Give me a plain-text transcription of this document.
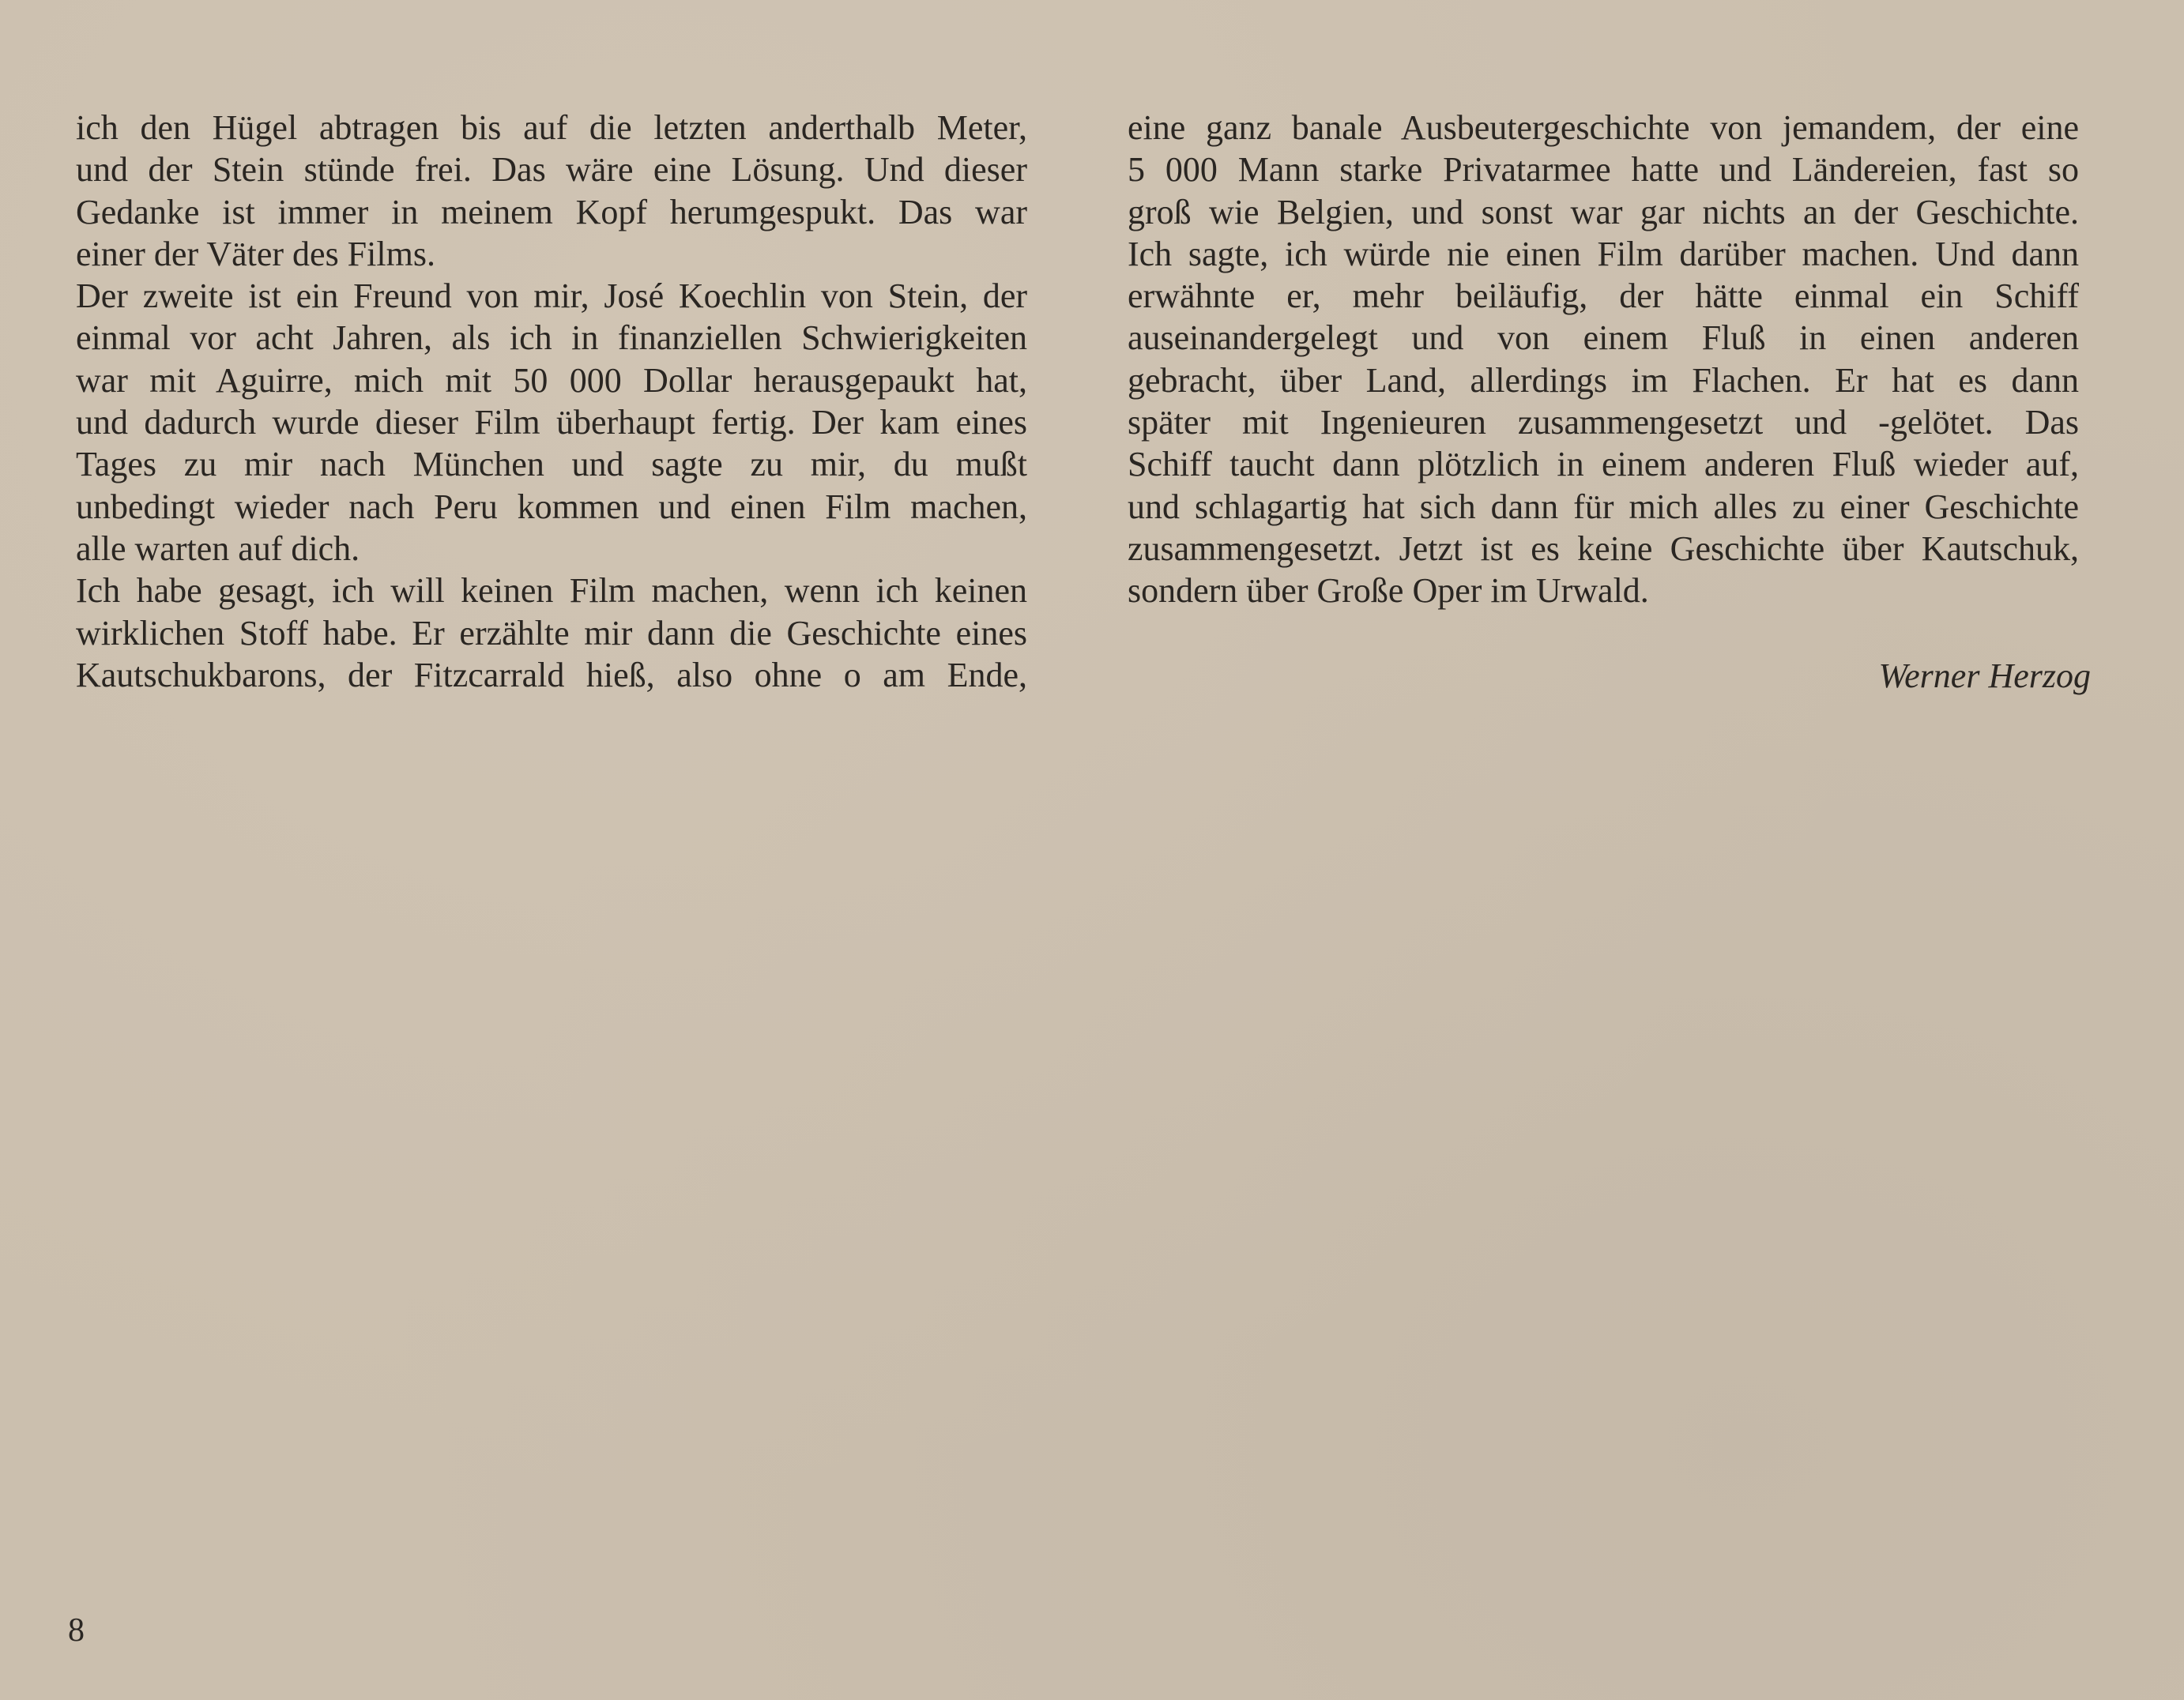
ich den Hügel abtragen bis auf die letzten anderthalb Meter,
und der Stein stünde frei. Das wäre eine Lösung. Und dieser
Gedanke ist immer in meinem Kopf herumgespukt. Das war
einer der Väter des Films.
Der zweite ist ein Freund von mir, José Koechlin von Stein, der
einmal vor acht Jahren, als ich in finanziellen Schwierigkeiten
war mit Aguirre, mich mit 50 000 Dollar herausgepaukt hat,
und dadurch wurde dieser Film überhaupt fertig. Der kam eines
Tages zu mir nach München und sagte zu mir, du mußt
unbedingt wieder nach Peru kommen und einen Film machen,
alle warten auf dich.
Ich habe gesagt, ich will keinen Film machen, wenn ich keinen
wirklichen Stoff habe. Er erzählte mir dann die Geschichte eines
Kautschukbarons, der Fitzcarrald hieß, also ohne o am Ende,
eine ganz banale Ausbeutergeschichte von jemandem, der eine
5 000 Mann starke Privatarmee hatte und Ländereien, fast so
groß wie Belgien, und sonst war gar nichts an der Geschichte.
Ich sagte, ich würde nie einen Film darüber machen. Und dann
erwähnte er, mehr beiläufig, der hätte einmal ein Schiff
auseinandergelegt und von einem Fluß in einen anderen
gebracht, über Land, allerdings im Flachen. Er hat es dann
später mit Ingenieuren zusammengesetzt und -gelötet. Das
Schiff taucht dann plötzlich in einem anderen Fluß wieder auf,
und schlagartig hat sich dann für mich alles zu einer Geschichte
zusammengesetzt. Jetzt ist es keine Geschichte über Kautschuk,
sondern über Große Oper im Urwald.
Werner Herzog
8
